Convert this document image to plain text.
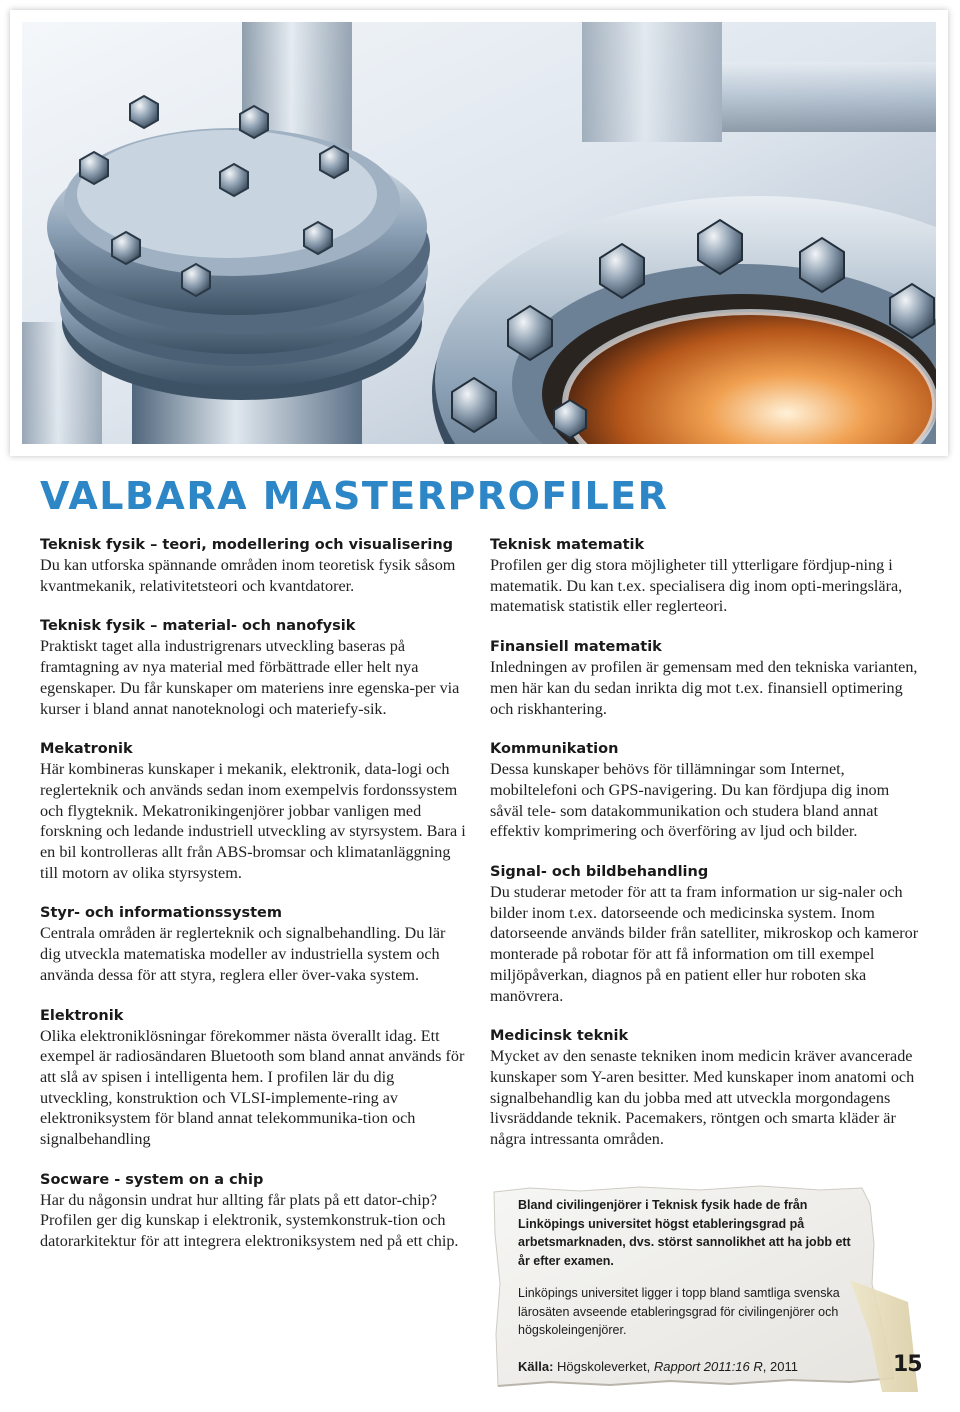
VALBARA MASTERPROFILER
Teknisk fysik – teori, modellering och visualisering

Du kan utforska spännande områden inom teoretisk fysik såsom kvantmekanik, relativitetsteori och kvantdatorer.

Teknisk fysik – material- och nanofysik

Praktiskt taget alla industrigrenars utveckling baseras på framtagning av nya material med förbättrade eller helt nya egenskaper. Du får kunskaper om materiens inre egenska-per via kurser i bland annat nanoteknologi och materiefy-sik.

Mekatronik

Här kombineras kunskaper i mekanik, elektronik, data-logi och reglerteknik och används sedan inom exempelvis fordonssystem och flygteknik. Mekatronikingenjörer jobbar vanligen med forskning och ledande industriell utveckling av styrsystem. Bara i en bil kontrolleras allt från ABS-bromsar och klimatanläggning till motorn av olika styrsystem.

Styr- och informationssystem

Centrala områden är reglerteknik och signalbehandling. Du lär dig utveckla matematiska modeller av industriella system och använda dessa för att styra, reglera eller över-vaka system.

Elektronik

Olika elektroniklösningar förekommer nästa överallt idag. Ett exempel är radiosändaren Bluetooth som bland annat används för att slå av spisen i intelligenta hem. I profilen lär du dig utveckling, konstruktion och VLSI-implemente-ring av elektroniksystem för bland annat telekommunika-tion och signalbehandling

Socware - system on a chip

Har du någonsin undrat hur allting får plats på ett dator-chip? Profilen ger dig kunskap i elektronik, systemkonstruk-tion och datorarkitektur för att integrera elektroniksystem ned på ett chip.

Teknisk matematik

Profilen ger dig stora möjligheter till ytterligare fördjup-ning i matematik. Du kan t.ex. specialisera dig inom opti-meringslära, matematisk statistik eller reglerteori.

Finansiell matematik

Inledningen av profilen är gemensam med den tekniska varianten, men här kan du sedan inrikta dig mot t.ex. finansiell optimering och riskhantering.

Kommunikation

Dessa kunskaper behövs för tillämningar som Internet, mobiltelefoni och GPS-navigering. Du kan fördjupa dig inom såväl tele- som datakommunikation och studera bland annat effektiv komprimering och överföring av ljud och bilder.

Signal- och bildbehandling

Du studerar metoder för att ta fram information ur sig-naler och bilder inom t.ex. datorseende och medicinska system. Inom datorseende används bilder från satelliter, mikroskop och kameror monterade på robotar för att få information om till exempel miljöpåverkan, diagnos på en patient eller hur roboten ska manövrera.

Medicinsk teknik

Mycket av den senaste tekniken inom medicin kräver avancerade kunskaper som Y-aren besitter. Med kunskaper inom anatomi och signalbehandlig kan du jobba med att utveckla morgondagens livsräddande teknik. Pacemakers, röntgen och smarta kläder är några intressanta områden.

Bland civilingenjörer i Teknisk fysik hade de från Linköpings universitet högst etableringsgrad på arbetsmarknaden, dvs. störst sannolikhet att ha jobb ett år efter examen.

Linköpings universitet ligger i topp bland samtliga svenska lärosäten avseende etableringsgrad för civilingenjörer och högskoleingenjörer.

Källa: Högskoleverket, Rapport 2011:16 R, 2011	15
